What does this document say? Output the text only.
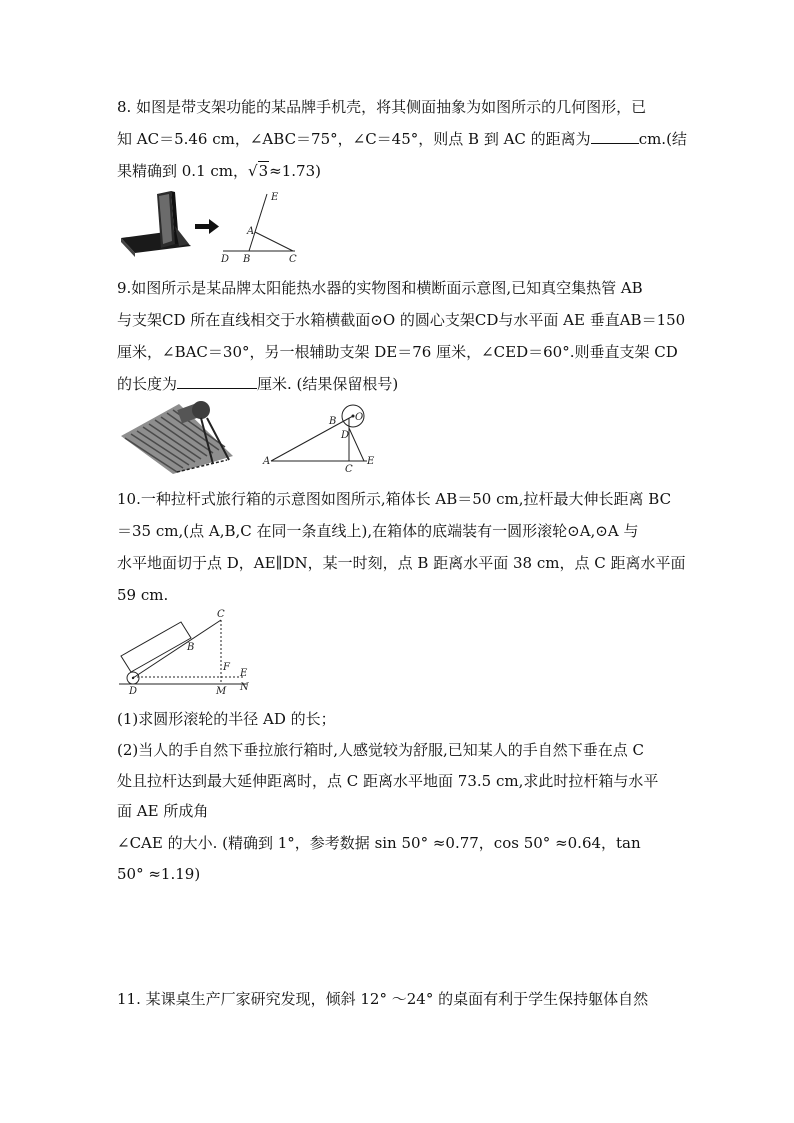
8. 如图是带支架功能的某品牌手机壳，将其侧面抽象为如图所示的几何图形，已
知 AC＝5.46 cm，∠ABC＝75°，∠C＝45°，则点 B 到 AC 的距离为	cm.(结
果精确到 0.1 cm，√3≈1.73)
E
A
D B	C
9.如图所示是某品牌太阳能热水器的实物图和横断面示意图,已知真空集热管 AB
与支架CD 所在直线相交于水箱横截面⊙O 的圆心支架CD与水平面 AE 垂直AB＝150
厘米，∠BAC＝30°，另一根辅助支架 DE＝76 厘米，∠CED＝60°.则垂直支架 CD
的长度为	厘米. (结果保留根号)
B O
D
A
C
E
10.一种拉杆式旅行箱的示意图如图所示,箱体长 AB＝50 cm,拉杆最大伸长距离 BC
＝35 cm,(点 A,B,C 在同一条直线上),在箱体的底端装有一圆形滚轮⊙A,⊙A 与
水平地面切于点 D，AE∥DN，某一时刻，点 B 距离水平面 38 cm，点 C 距离水平面
59 cm.
C
B
F
E
D	M N
(1)求圆形滚轮的半径 AD 的长；
(2)当人的手自然下垂拉旅行箱时,人感觉较为舒服,已知某人的手自然下垂在点 C
处且拉杆达到最大延伸距离时，点 C 距离水平地面 73.5 cm,求此时拉杆箱与水平
面 AE 所成角
∠CAE 的大小. (精确到 1°，参考数据 sin 50° ≈0.77，cos 50° ≈0.64，tan
50° ≈1.19)
11. 某课桌生产厂家研究发现，倾斜 12° ～24° 的桌面有利于学生保持躯体自然
